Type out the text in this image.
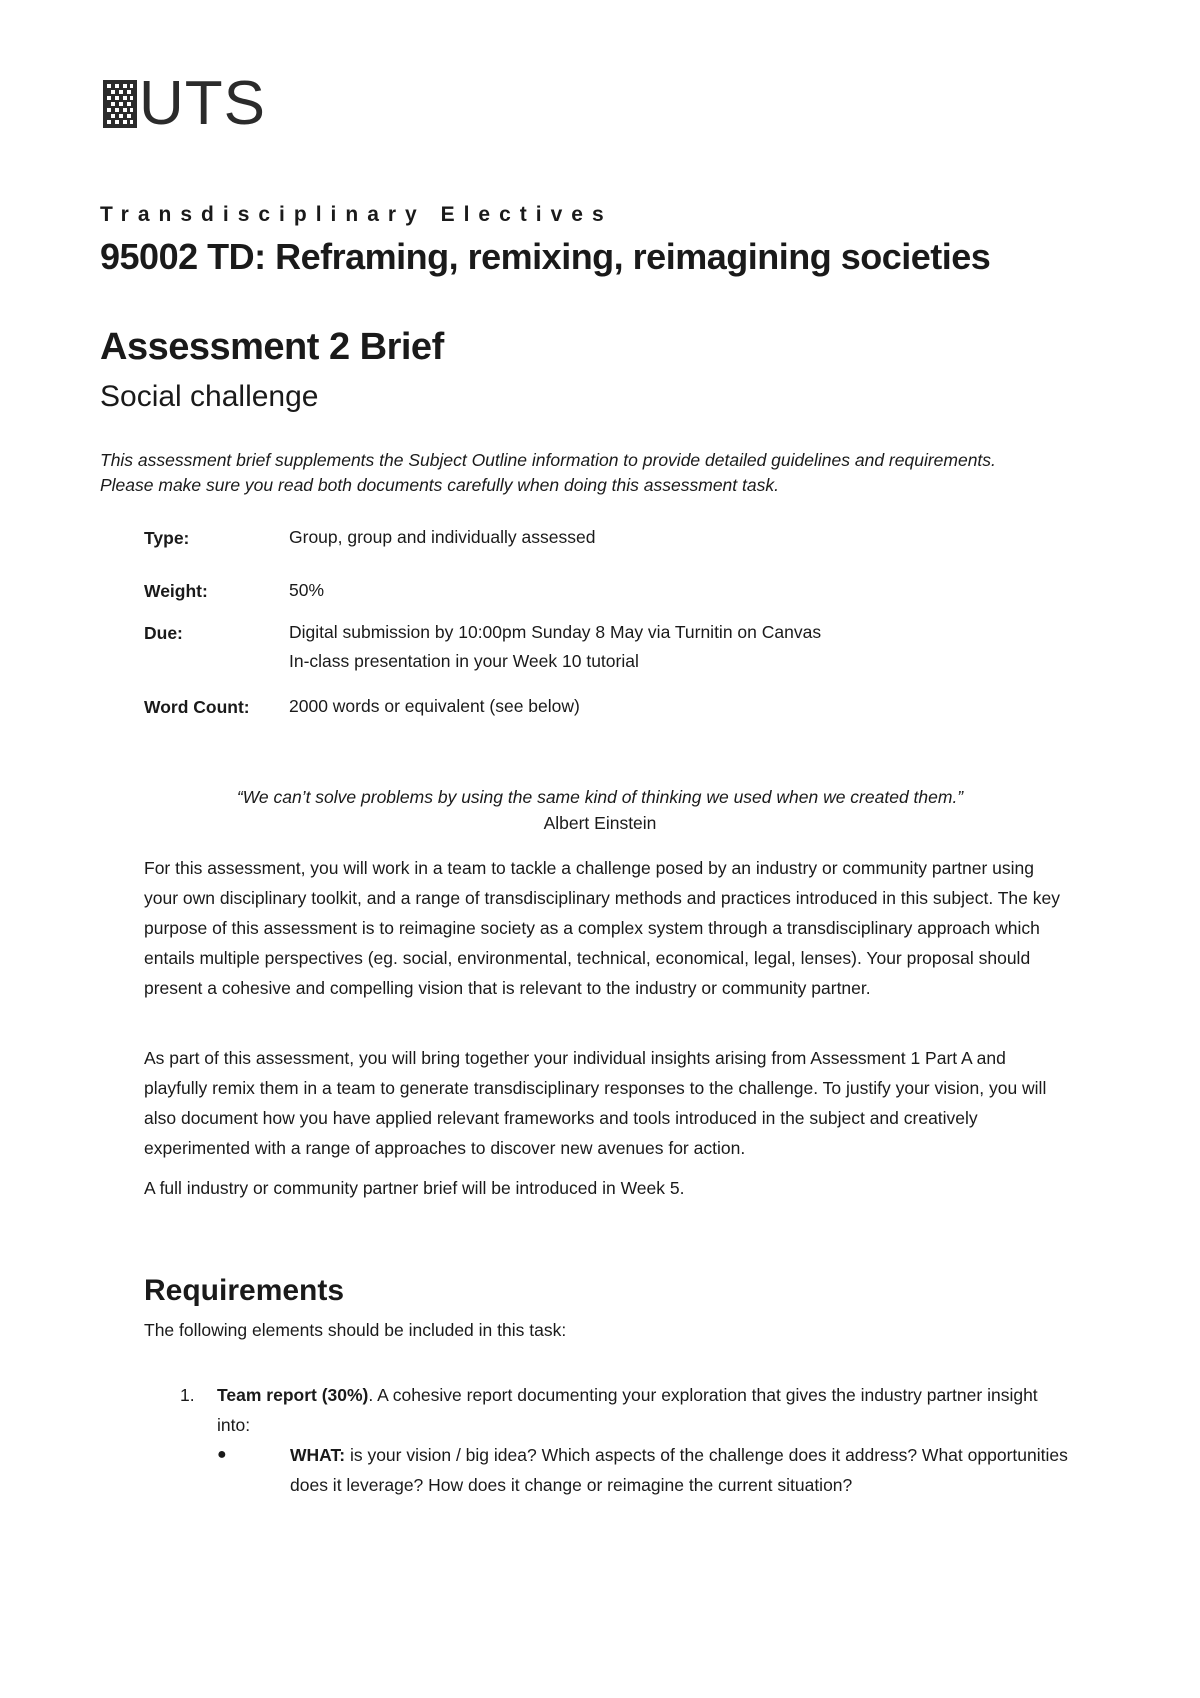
UTS

Transdisciplinary Electives

95002 TD: Reframing, remixing, reimagining societies
Assessment 2 Brief

Social challenge

This assessment brief supplements the Subject Outline information to provide detailed guidelines and requirements. Please make sure you read both documents carefully when doing this assessment task.

Type:	Group, group and individually assessed
Weight:	50%
Due:	Digital submission by 10:00pm Sunday 8 May via Turnitin on Canvas
In-class presentation in your Week 10 tutorial
Word Count: 2000 words or equivalent (see below)
“We can’t solve problems by using the same kind of thinking we used when we created them.”
Albert Einstein

For this assessment, you will work in a team to tackle a challenge posed by an industry or community partner using your own disciplinary toolkit, and a range of transdisciplinary methods and practices introduced in this subject. The key purpose of this assessment is to reimagine society as a complex system through a transdisciplinary approach which entails multiple perspectives (eg. social, environmental, technical, economical, legal, lenses). Your proposal should present a cohesive and compelling vision that is relevant to the industry or community partner.

As part of this assessment, you will bring together your individual insights arising from Assessment 1 Part A and playfully remix them in a team to generate transdisciplinary responses to the challenge. To justify your vision, you will also document how you have applied relevant frameworks and tools introduced in the subject and creatively experimented with a range of approaches to discover new avenues for action.

A full industry or community partner brief will be introduced in Week 5.

Requirements

The following elements should be included in this task:

1. Team report (30%). A cohesive report documenting your exploration that gives the industry partner insight into:
●	WHAT: is your vision / big idea? Which aspects of the challenge does it address? What opportunities does it leverage? How does it change or reimagine the current situation?
